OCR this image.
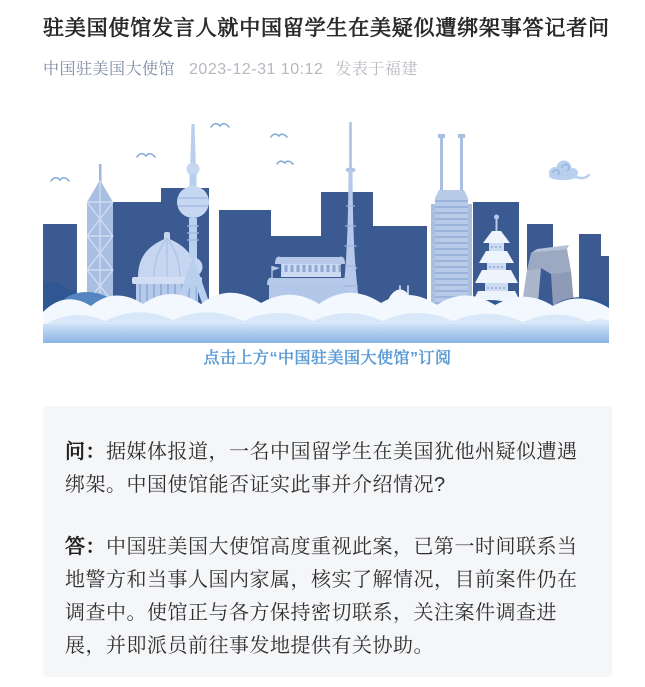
驻美国使馆发言人就中国留学生在美疑似遭绑架事答记者问
中国驻美国大使馆 2023-12-31 10:12 发表于福建
点击上方“中国驻美国大使馆”订阅

问：据媒体报道，一名中国留学生在美国犹他州疑似遭遇绑架。中国使馆能否证实此事并介绍情况?

答：中国驻美国大使馆高度重视此案，已第一时间联系当地警方和当事人国内家属，核实了解情况，目前案件仍在调查中。使馆正与各方保持密切联系，关注案件调查进展，并即派员前往事发地提供有关协助。
